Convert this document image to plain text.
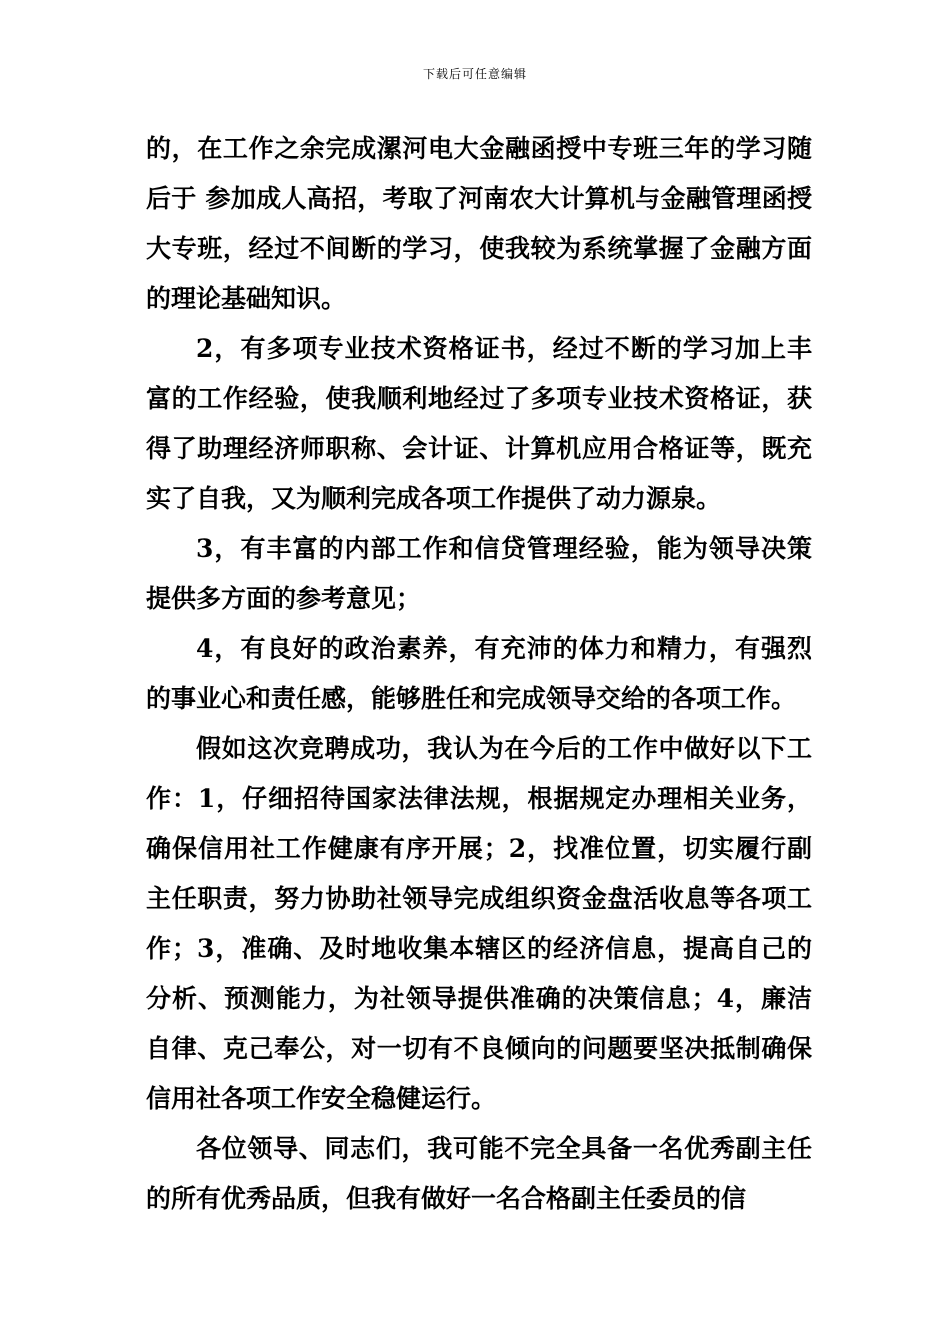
下载后可任意编辑

的，在工作之余完成漯河电大金融函授中专班三年的学习随后于 参加成人高招，考取了河南农大计算机与金融管理函授大专班，经过不间断的学习，使我较为系统掌握了金融方面的理论基础知识。

2，有多项专业技术资格证书，经过不断的学习加上丰富的工作经验，使我顺利地经过了多项专业技术资格证，获得了助理经济师职称、会计证、计算机应用合格证等，既充实了自我，又为顺利完成各项工作提供了动力源泉。

3，有丰富的内部工作和信贷管理经验，能为领导决策提供多方面的参考意见；

4，有良好的政治素养，有充沛的体力和精力，有强烈的事业心和责任感，能够胜任和完成领导交给的各项工作。

假如这次竞聘成功，我认为在今后的工作中做好以下工作：1，仔细招待国家法律法规，根据规定办理相关业务，确保信用社工作健康有序开展；2，找准位置，切实履行副主任职责，努力协助社领导完成组织资金盘活收息等各项工作；3，准确、及时地收集本辖区的经济信息，提高自己的分析、预测能力，为社领导提供准确的决策信息；4，廉洁自律、克己奉公，对一切有不良倾向的问题要坚决抵制确保信用社各项工作安全稳健运行。

各位领导、同志们，我可能不完全具备一名优秀副主任的所有优秀品质，但我有做好一名合格副主任委员的信
